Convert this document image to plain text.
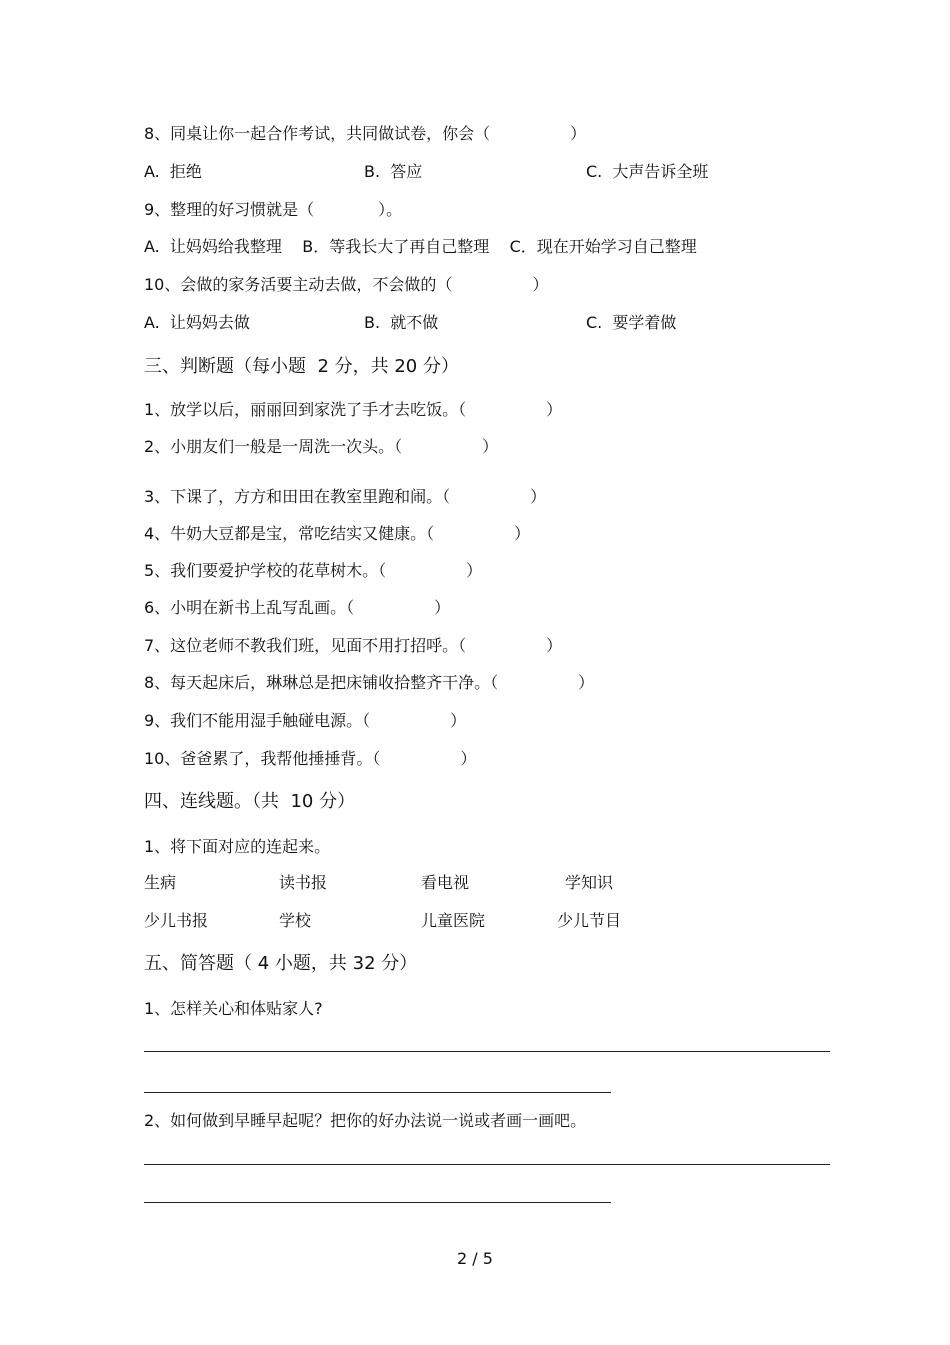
8、同桌让你一起合作考试，共同做试卷，你会（　　　　　）
A.  拒绝	B.  答应	C.  大声告诉全班
9、整理的好习惯就是（　　　　）。
A.  让妈妈给我整理    B．等我长大了再自己整理    C．现在开始学习自己整理
10、会做的家务活要主动去做，不会做的（　　　　　）
A.  让妈妈去做	B.  就不做	C.  要学着做
三、判断题（每小题  2 分，共 20 分）
1、放学以后，丽丽回到家洗了手才去吃饭。（　　　　　）
2、小朋友们一般是一周洗一次头。（　　　　　）
3、下课了，方方和田田在教室里跑和闹。（　　　　　）
4、牛奶大豆都是宝，常吃结实又健康。（　　　　　）
5、我们要爱护学校的花草树木。（　　　　　）
6、小明在新书上乱写乱画。（　　　　　）
7、这位老师不教我们班，见面不用打招呼。（　　　　　）
8、每天起床后，琳琳总是把床铺收拾整齐干净。（　　　　　）
9、我们不能用湿手触碰电源。（　　　　　）
10、爸爸累了，我帮他捶捶背。（　　　　　）
四、连线题。（共  10 分）
1、将下面对应的连起来。
生病	读书报	看电视	学知识
少儿书报	学校	儿童医院	少儿节目
五、简答题（ 4 小题，共 32 分）
1、怎样关心和体贴家人?
2、如何做到早睡早起呢？把你的好办法说一说或者画一画吧。
2 / 5
